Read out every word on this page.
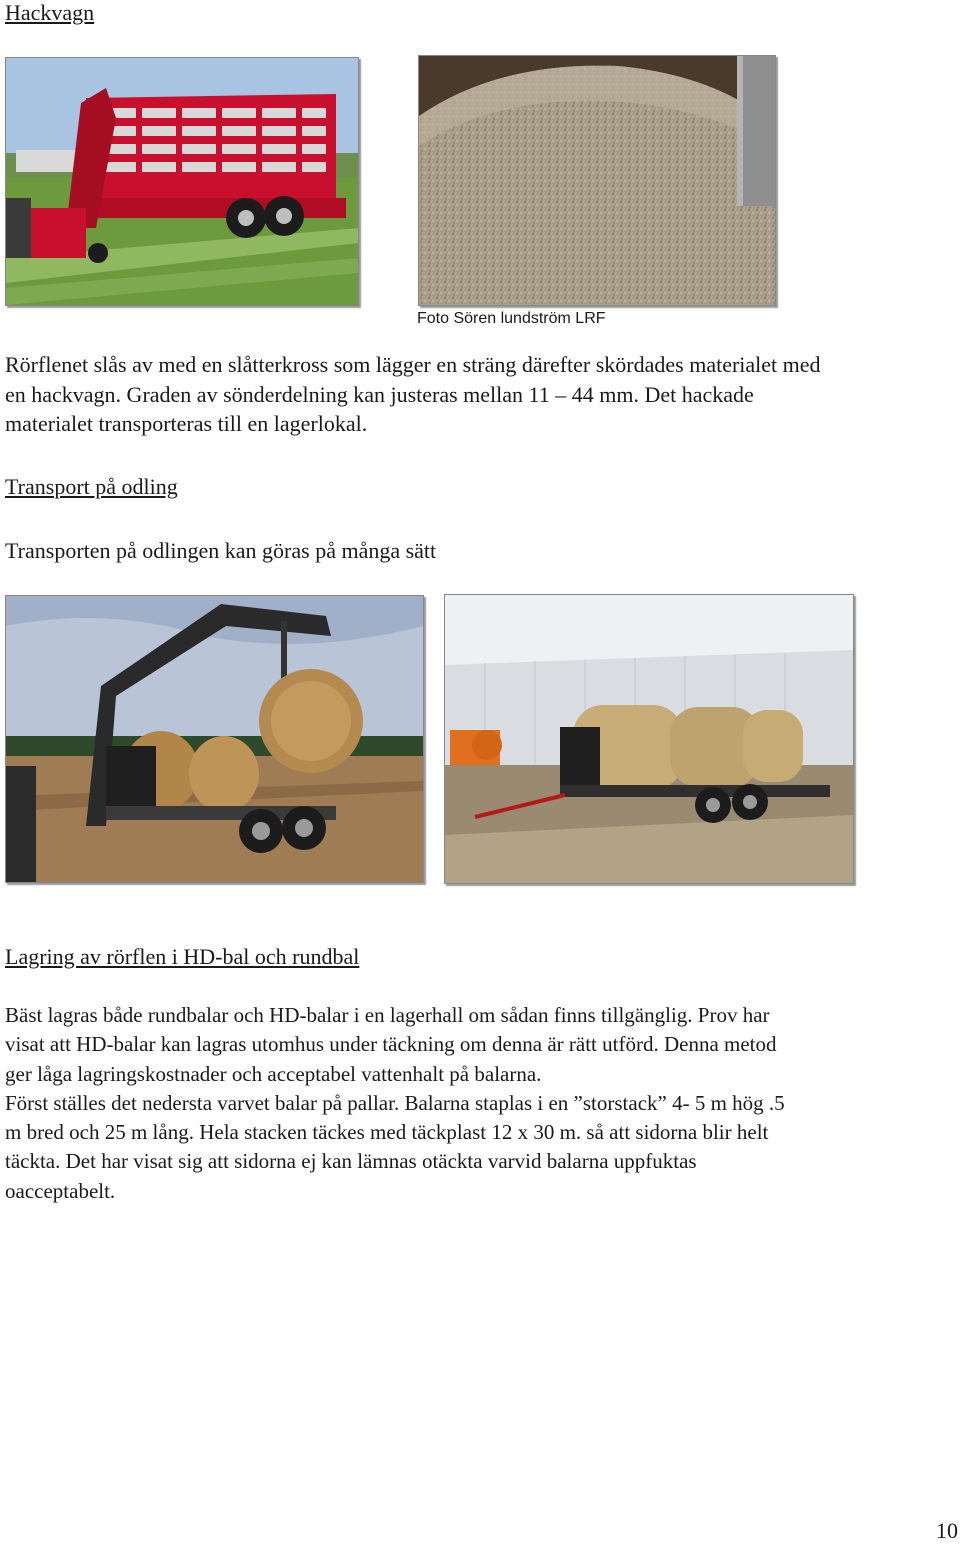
Hackvagn
Foto Sören lundström LRF
Rörflenet slås av med en slåtterkross som lägger en sträng därefter skördades materialet med
en hackvagn. Graden av sönderdelning kan justeras mellan 11 – 44 mm. Det hackade
materialet transporteras till en lagerlokal.
Transport på odling
Transporten på odlingen kan göras på många sätt
Lagring av rörflen i HD-bal och rundbal
Bäst lagras både rundbalar och HD-balar i en lagerhall om sådan finns tillgänglig. Prov har
visat att HD-balar kan lagras utomhus under täckning om denna är rätt utförd. Denna metod
ger låga lagringskostnader och acceptabel vattenhalt på balarna.
Först ställes det nedersta varvet balar på pallar. Balarna staplas i en ”storstack” 4- 5 m hög .5
m bred och 25 m lång. Hela stacken täckes med täckplast 12 x 30 m. så att sidorna blir helt
täckta. Det har visat sig att sidorna ej kan lämnas otäckta varvid balarna uppfuktas
oacceptabelt.
10
